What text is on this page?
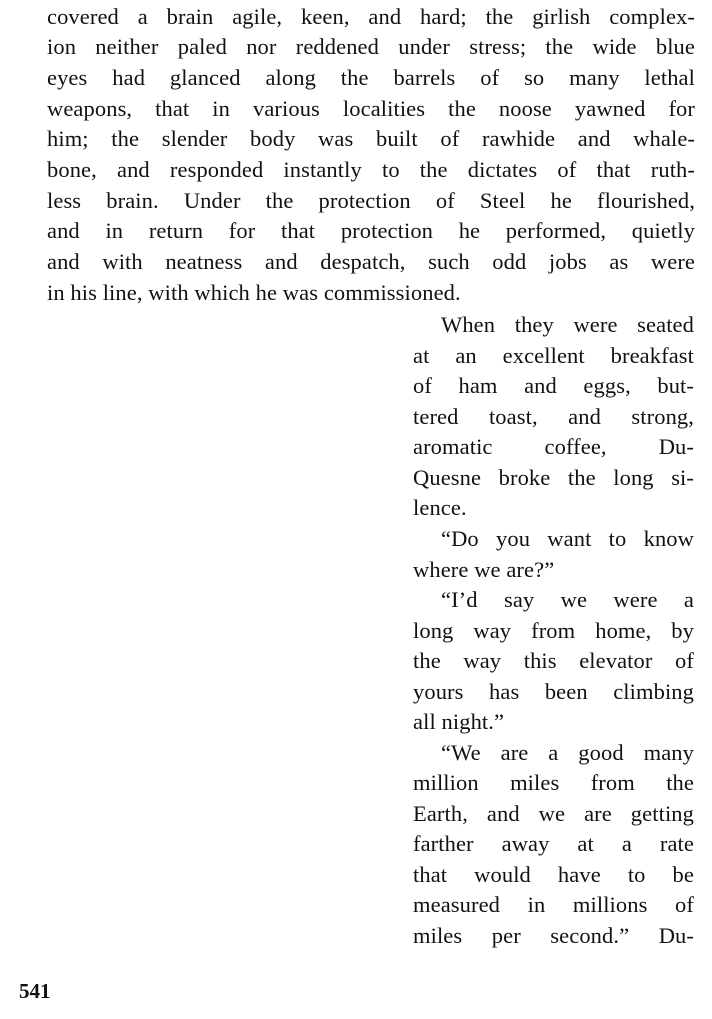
covered a brain agile, keen, and hard; the girlish complex-
ion neither paled nor reddened under stress; the wide blue
eyes had glanced along the barrels of so many lethal
weapons, that in various localities the noose yawned for
him; the slender body was built of rawhide and whale-
bone, and responded instantly to the dictates of that ruth-
less brain. Under the protection of Steel he flourished,
and in return for that protection he performed, quietly
and with neatness and despatch, such odd jobs as were
in his line, with which he was commissioned.
When they were seated
at an excellent breakfast
of ham and eggs, but-
tered toast, and strong,
aromatic coffee, Du-
Quesne broke the long si-
lence.
“Do you want to know
where we are?”
“I’d say we were a
long way from home, by
the way this elevator of
yours has been climbing
all night.”
“We are a good many
million miles from the
Earth, and we are getting
farther away at a rate
that would have to be
measured in millions of
miles per second.” Du-
541
